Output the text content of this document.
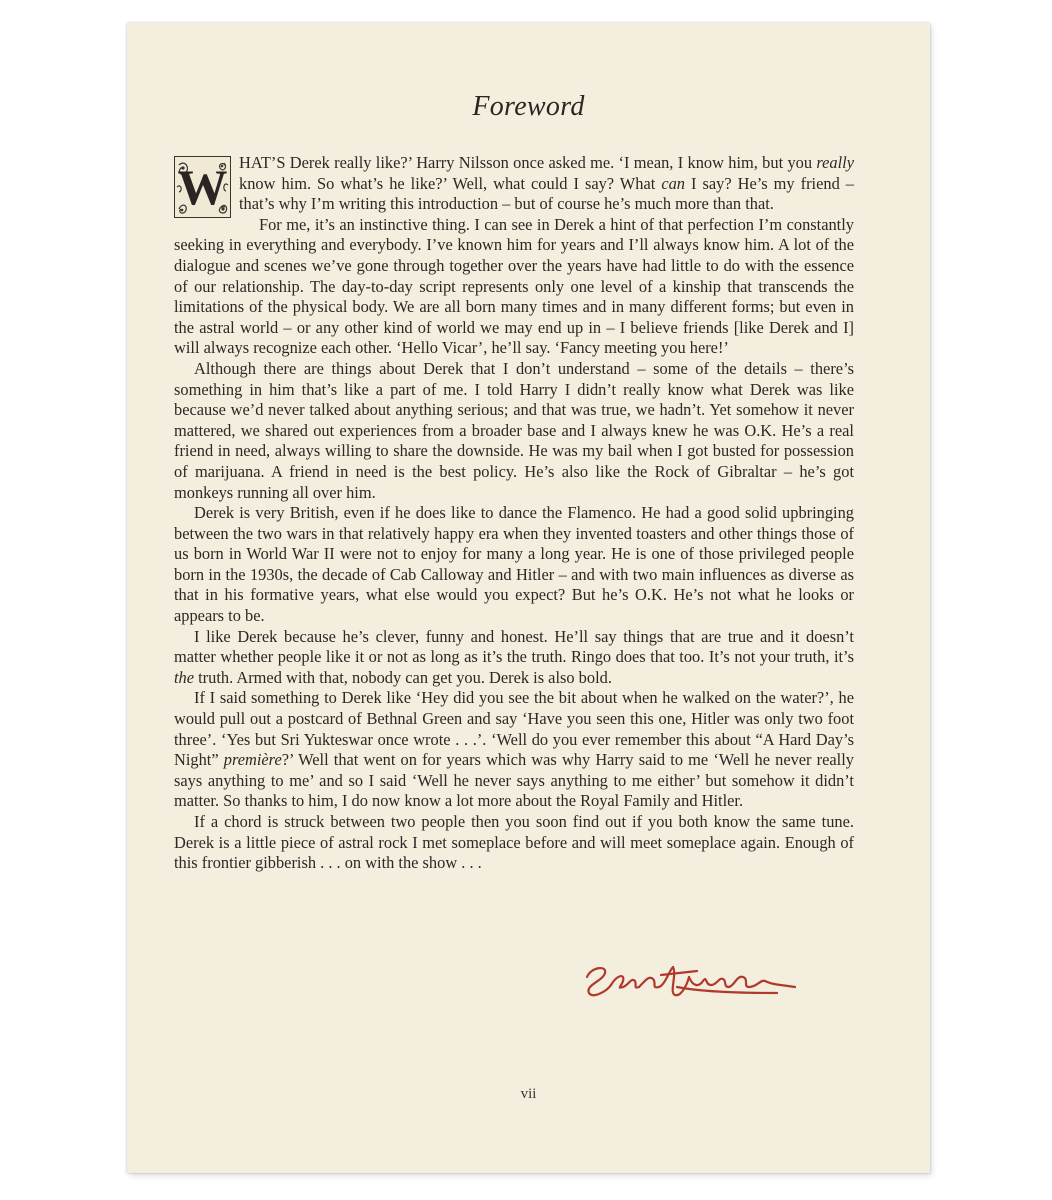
Foreword
W HAT’S Derek really like?’ Harry Nilsson once asked me. ‘I mean, I know him, but you really know him. So what’s he like?’ Well, what could I say? What can I say? He’s my friend – that’s why I’m writing this introduction – but of course he’s much more than that.

For me, it’s an instinctive thing. I can see in Derek a hint of that perfection I’m constantly seeking in everything and everybody. I’ve known him for years and I’ll always know him. A lot of the dialogue and scenes we’ve gone through together over the years have had little to do with the essence of our relationship. The day-to-day script represents only one level of a kinship that transcends the limitations of the physical body. We are all born many times and in many different forms; but even in the astral world – or any other kind of world we may end up in – I believe friends [like Derek and I] will always recognize each other. ‘Hello Vicar’, he’ll say. ‘Fancy meeting you here!’

Although there are things about Derek that I don’t understand – some of the details – there’s something in him that’s like a part of me. I told Harry I didn’t really know what Derek was like because we’d never talked about anything serious; and that was true, we hadn’t. Yet somehow it never mattered, we shared out experiences from a broader base and I always knew he was O.K. He’s a real friend in need, always willing to share the downside. He was my bail when I got busted for possession of marijuana. A friend in need is the best policy. He’s also like the Rock of Gibraltar – he’s got monkeys running all over him.

Derek is very British, even if he does like to dance the Flamenco. He had a good solid upbringing between the two wars in that relatively happy era when they invented toasters and other things those of us born in World War II were not to enjoy for many a long year. He is one of those privileged people born in the 1930s, the decade of Cab Calloway and Hitler – and with two main influences as diverse as that in his formative years, what else would you expect? But he’s O.K. He’s not what he looks or appears to be.

I like Derek because he’s clever, funny and honest. He’ll say things that are true and it doesn’t matter whether people like it or not as long as it’s the truth. Ringo does that too. It’s not your truth, it’s the truth. Armed with that, nobody can get you. Derek is also bold.

If I said something to Derek like ‘Hey did you see the bit about when he walked on the water?’, he would pull out a postcard of Bethnal Green and say ‘Have you seen this one, Hitler was only two foot three’. ‘Yes but Sri Yukteswar once wrote . . .’. ‘Well do you ever remember this about “A Hard Day’s Night” première?’ Well that went on for years which was why Harry said to me ‘Well he never really says anything to me’ and so I said ‘Well he never says anything to me either’ but somehow it didn’t matter. So thanks to him, I do now know a lot more about the Royal Family and Hitler.

If a chord is struck between two people then you soon find out if you both know the same tune. Derek is a little piece of astral rock I met someplace before and will meet someplace again. Enough of this frontier gibberish . . . on with the show . . .

vii
